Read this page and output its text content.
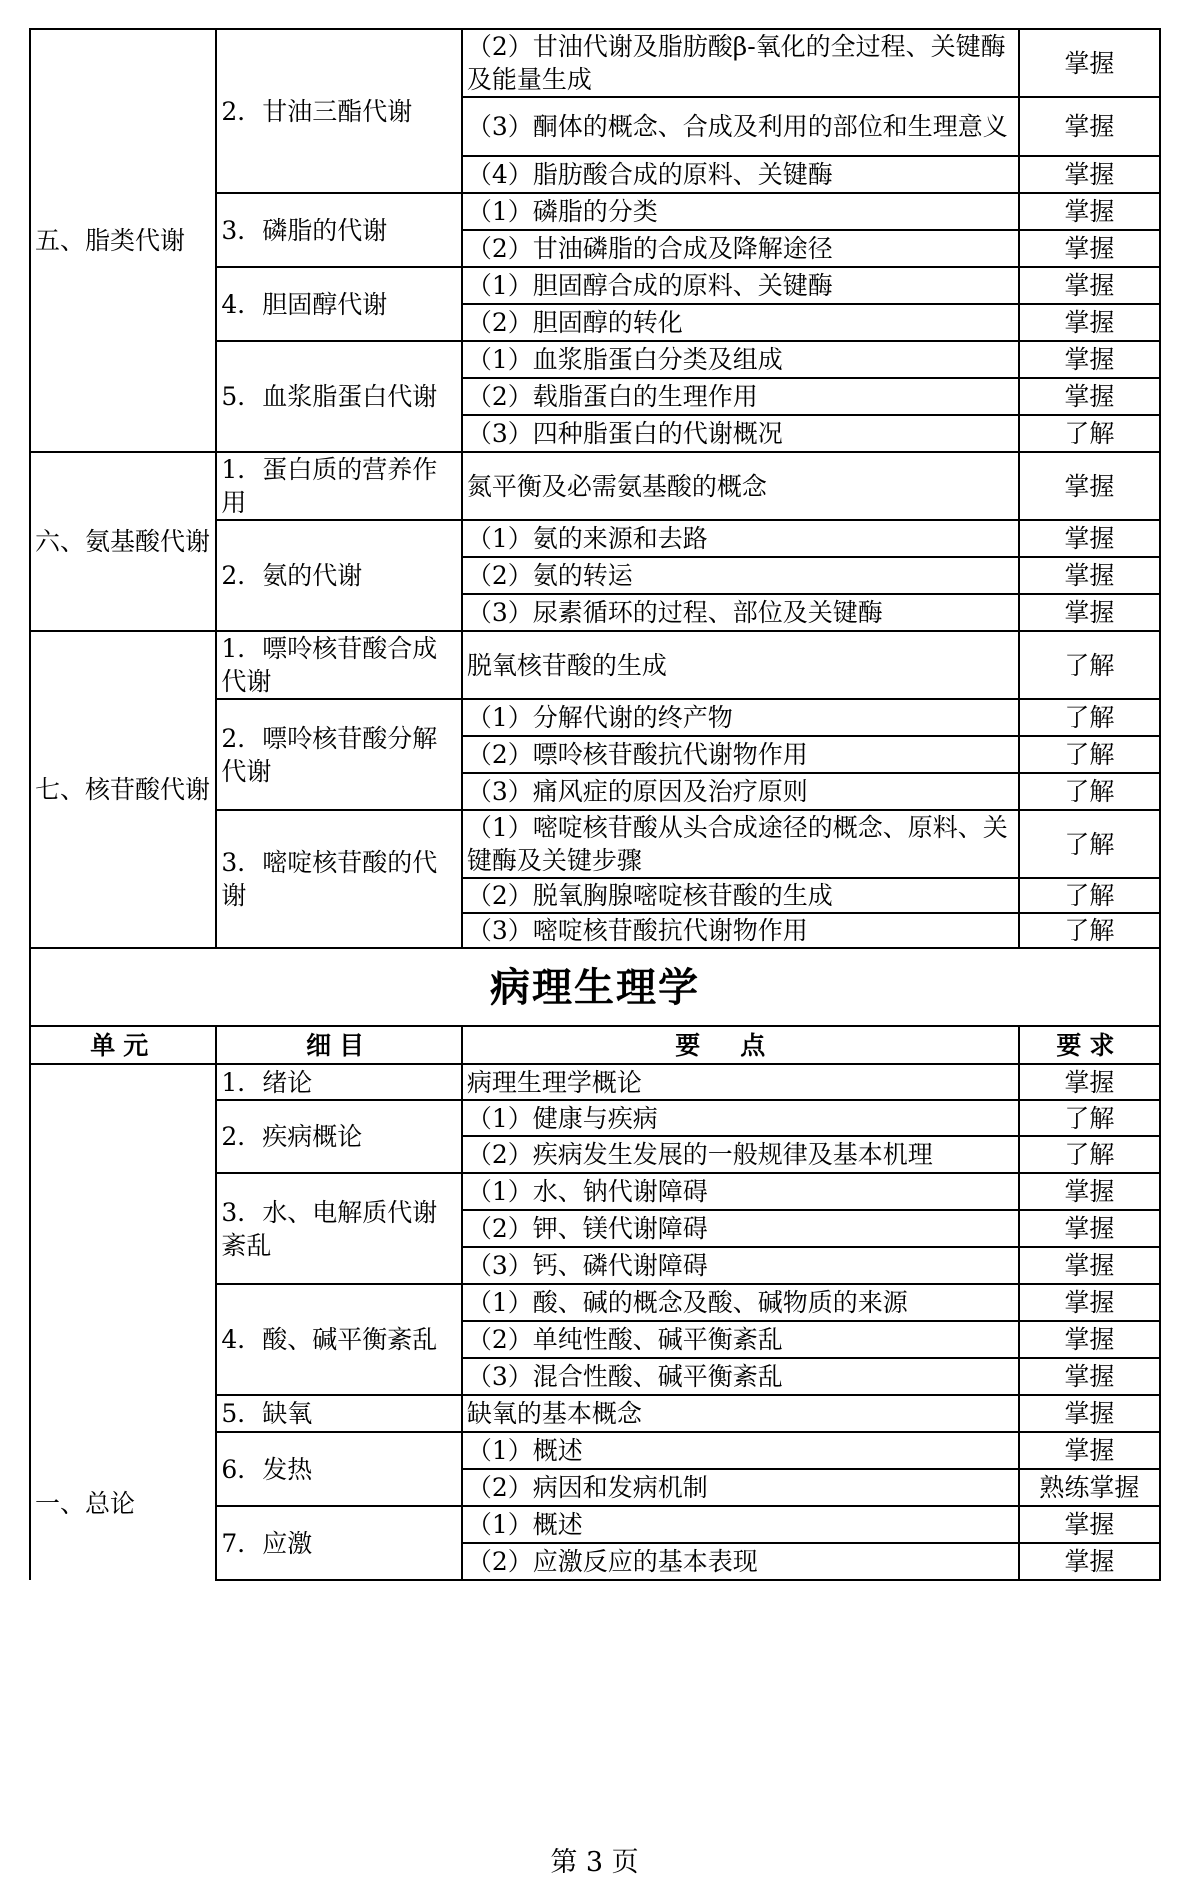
五、脂类代谢	2．甘油三酯代谢	（2）甘油代谢及脂肪酸β-氧化的全过程、关键酶及能量生成	掌握
		（3）酮体的概念、合成及利用的部位和生理意义	掌握
		（4）脂肪酸合成的原料、关键酶	掌握
	3．磷脂的代谢	（1）磷脂的分类	掌握
		（2）甘油磷脂的合成及降解途径	掌握
	4．胆固醇代谢	（1）胆固醇合成的原料、关键酶	掌握
		（2）胆固醇的转化	掌握
	5．血浆脂蛋白代谢	（1）血浆脂蛋白分类及组成	掌握
		（2）载脂蛋白的生理作用	掌握
		（3）四种脂蛋白的代谢概况	了解
六、氨基酸代谢	1．蛋白质的营养作用	氮平衡及必需氨基酸的概念	掌握
	2．氨的代谢	（1）氨的来源和去路	掌握
		（2）氨的转运	掌握
		（3）尿素循环的过程、部位及关键酶	掌握
七、核苷酸代谢	1．嘌呤核苷酸合成代谢	脱氧核苷酸的生成	了解
	2．嘌呤核苷酸分解代谢	（1）分解代谢的终产物	了解
		（2）嘌呤核苷酸抗代谢物作用	了解
		（3）痛风症的原因及治疗原则	了解
	3．嘧啶核苷酸的代谢	（1）嘧啶核苷酸从头合成途径的概念、原料、关键酶及关键步骤	了解
		（2）脱氧胸腺嘧啶核苷酸的生成	了解
		（3）嘧啶核苷酸抗代谢物作用	了解
病理生理学			
单元	细目	要点	要求
一、总论	1．绪论	病理生理学概论	掌握
	2．疾病概论	（1）健康与疾病	了解
		（2）疾病发生发展的一般规律及基本机理	了解
	3．水、电解质代谢紊乱	（1）水、钠代谢障碍	掌握
		（2）钾、镁代谢障碍	掌握
		（3）钙、磷代谢障碍	掌握
	4．酸、碱平衡紊乱	（1）酸、碱的概念及酸、碱物质的来源	掌握
		（2）单纯性酸、碱平衡紊乱	掌握
		（3）混合性酸、碱平衡紊乱	掌握
	5．缺氧	缺氧的基本概念	掌握
	6．发热	（1）概述	掌握
		（2）病因和发病机制	熟练掌握
	7．应激	（1）概述	掌握
		（2）应激反应的基本表现	掌握
第 3 页
